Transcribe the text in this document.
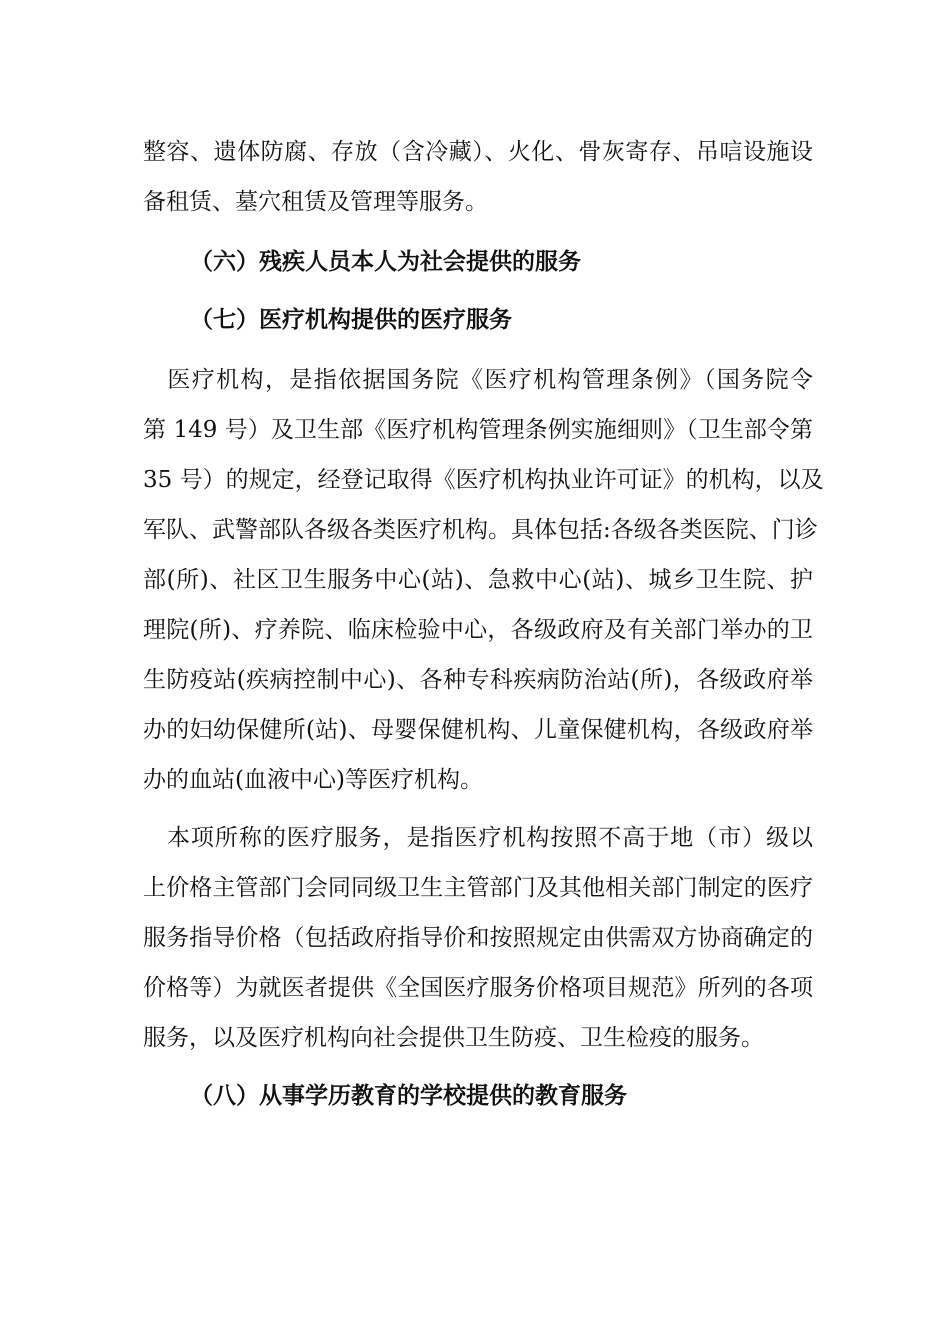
整容、遗体防腐、存放（含冷藏）、火化、骨灰寄存、吊唁设施设
备租赁、墓穴租赁及管理等服务。
（六）残疾人员本人为社会提供的服务
（七）医疗机构提供的医疗服务
　医疗机构，是指依据国务院《医疗机构管理条例》（国务院令
第 149 号）及卫生部《医疗机构管理条例实施细则》（卫生部令第
35 号）的规定，经登记取得《医疗机构执业许可证》的机构，以及
军队、武警部队各级各类医疗机构。具体包括:各级各类医院、门诊
部(所)、社区卫生服务中心(站)、急救中心(站)、城乡卫生院、护
理院(所)、疗养院、临床检验中心，各级政府及有关部门举办的卫
生防疫站(疾病控制中心)、各种专科疾病防治站(所)，各级政府举
办的妇幼保健所(站)、母婴保健机构、儿童保健机构，各级政府举
办的血站(血液中心)等医疗机构。
　本项所称的医疗服务，是指医疗机构按照不高于地（市）级以
上价格主管部门会同同级卫生主管部门及其他相关部门制定的医疗
服务指导价格（包括政府指导价和按照规定由供需双方协商确定的
价格等）为就医者提供《全国医疗服务价格项目规范》所列的各项
服务，以及医疗机构向社会提供卫生防疫、卫生检疫的服务。
（八）从事学历教育的学校提供的教育服务
